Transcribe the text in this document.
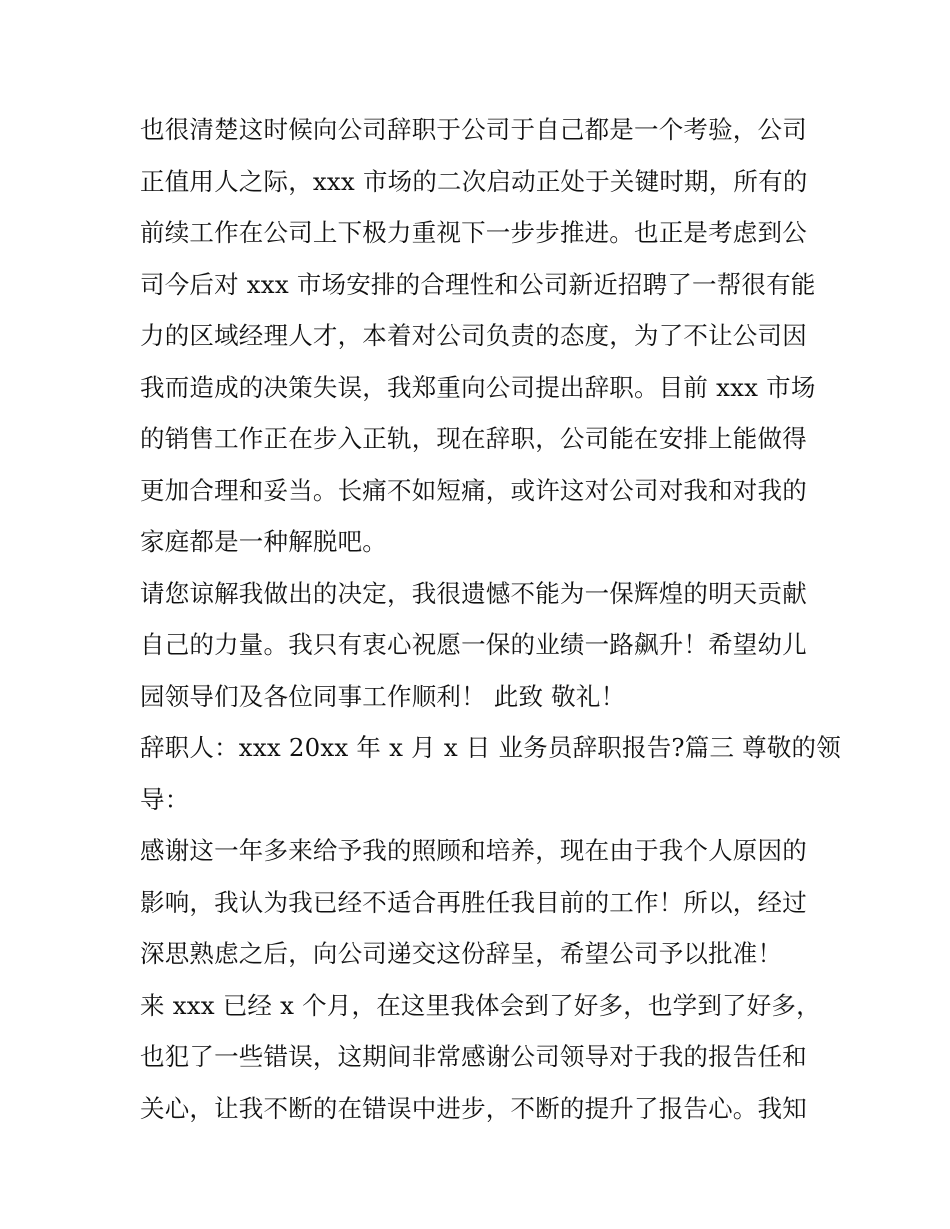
也很清楚这时候向公司辞职于公司于自己都是一个考验，公司
正值用人之际，xxx 市场的二次启动正处于关键时期，所有的
前续工作在公司上下极力重视下一步步推进。也正是考虑到公
司今后对 xxx 市场安排的合理性和公司新近招聘了一帮很有能
力的区域经理人才，本着对公司负责的态度，为了不让公司因
我而造成的决策失误，我郑重向公司提出辞职。目前 xxx 市场
的销售工作正在步入正轨，现在辞职，公司能在安排上能做得
更加合理和妥当。长痛不如短痛，或许这对公司对我和对我的
家庭都是一种解脱吧。
请您谅解我做出的决定，我很遗憾不能为一保辉煌的明天贡献
自己的力量。我只有衷心祝愿一保的业绩一路飙升！希望幼儿
园领导们及各位同事工作顺利！ 此致 敬礼！
辞职人：xxx 20xx 年 x 月 x 日 业务员辞职报告?篇三 尊敬的领
导：
感谢这一年多来给予我的照顾和培养，现在由于我个人原因的
影响，我认为我已经不适合再胜任我目前的工作！所以，经过
深思熟虑之后，向公司递交这份辞呈，希望公司予以批准！
来 xxx 已经 x 个月，在这里我体会到了好多，也学到了好多，
也犯了一些错误，这期间非常感谢公司领导对于我的报告任和
关心，让我不断的在错误中进步，不断的提升了报告心。我知
